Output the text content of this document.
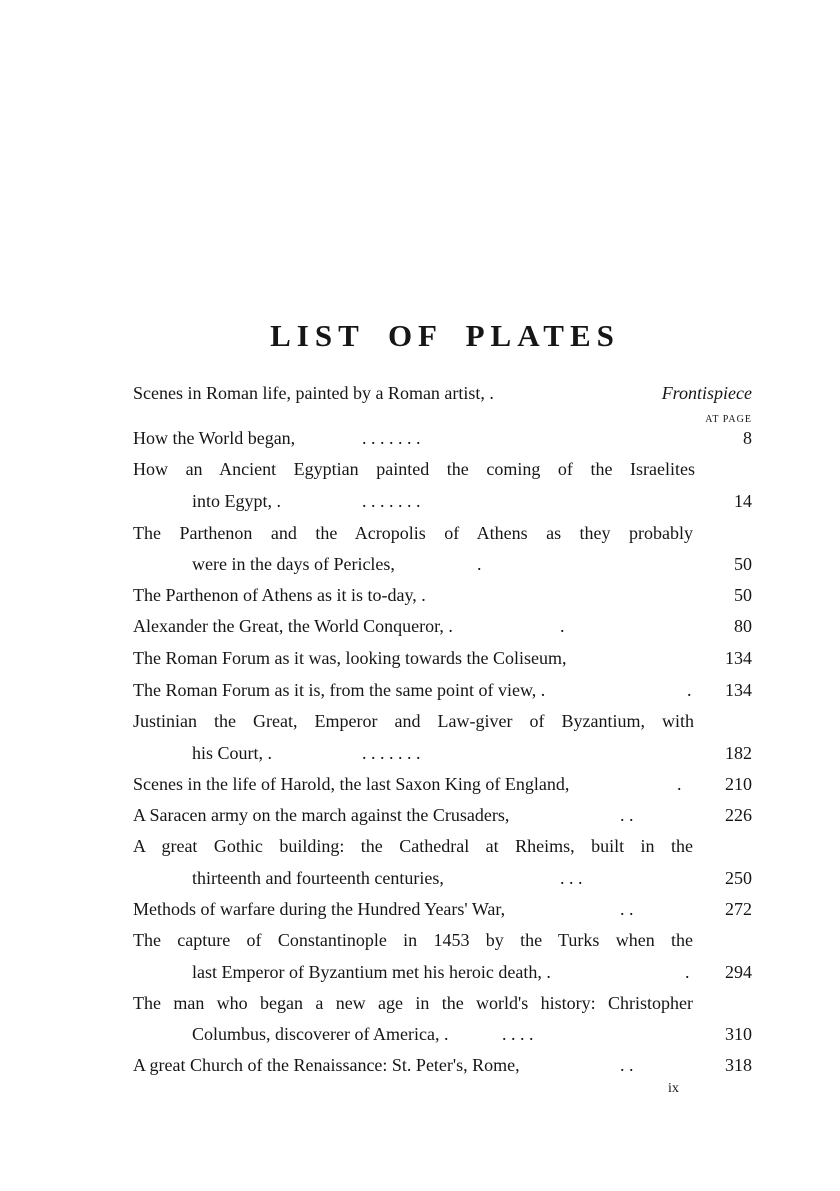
LIST OF PLATES
Scenes in Roman life, painted by a Roman artist, .	Frontispiece
AT PAGE
How the World began,	. . . . . . .	8
How an Ancient Egyptian painted the coming of the Israelites
into Egypt, .	. . . . . . .	14
The Parthenon and the Acropolis of Athens as they probably
were in the days of Pericles,	.	50
The Parthenon of Athens as it is to-day, .	50
Alexander the Great, the World Conqueror, .	.	80
The Roman Forum as it was, looking towards the Coliseum,	134
The Roman Forum as it is, from the same point of view, .	. 134
Justinian the Great, Emperor and Law-giver of Byzantium, with
his Court, .	. . . . . . .	182
Scenes in the life of Harold, the last Saxon King of England,	. 210
A Saracen army on the march against the Crusaders,	. .	226
A great Gothic building: the Cathedral at Rheims, built in the
thirteenth and fourteenth centuries,	. . .	250
Methods of warfare during the Hundred Years' War,	. .	272
The capture of Constantinople in 1453 by the Turks when the
last Emperor of Byzantium met his heroic death, .	. 294
The man who began a new age in the world's history: Christopher
Columbus, discoverer of America, .	. . . .	310
A great Church of the Renaissance: St. Peter's, Rome,	. .	318
ix
